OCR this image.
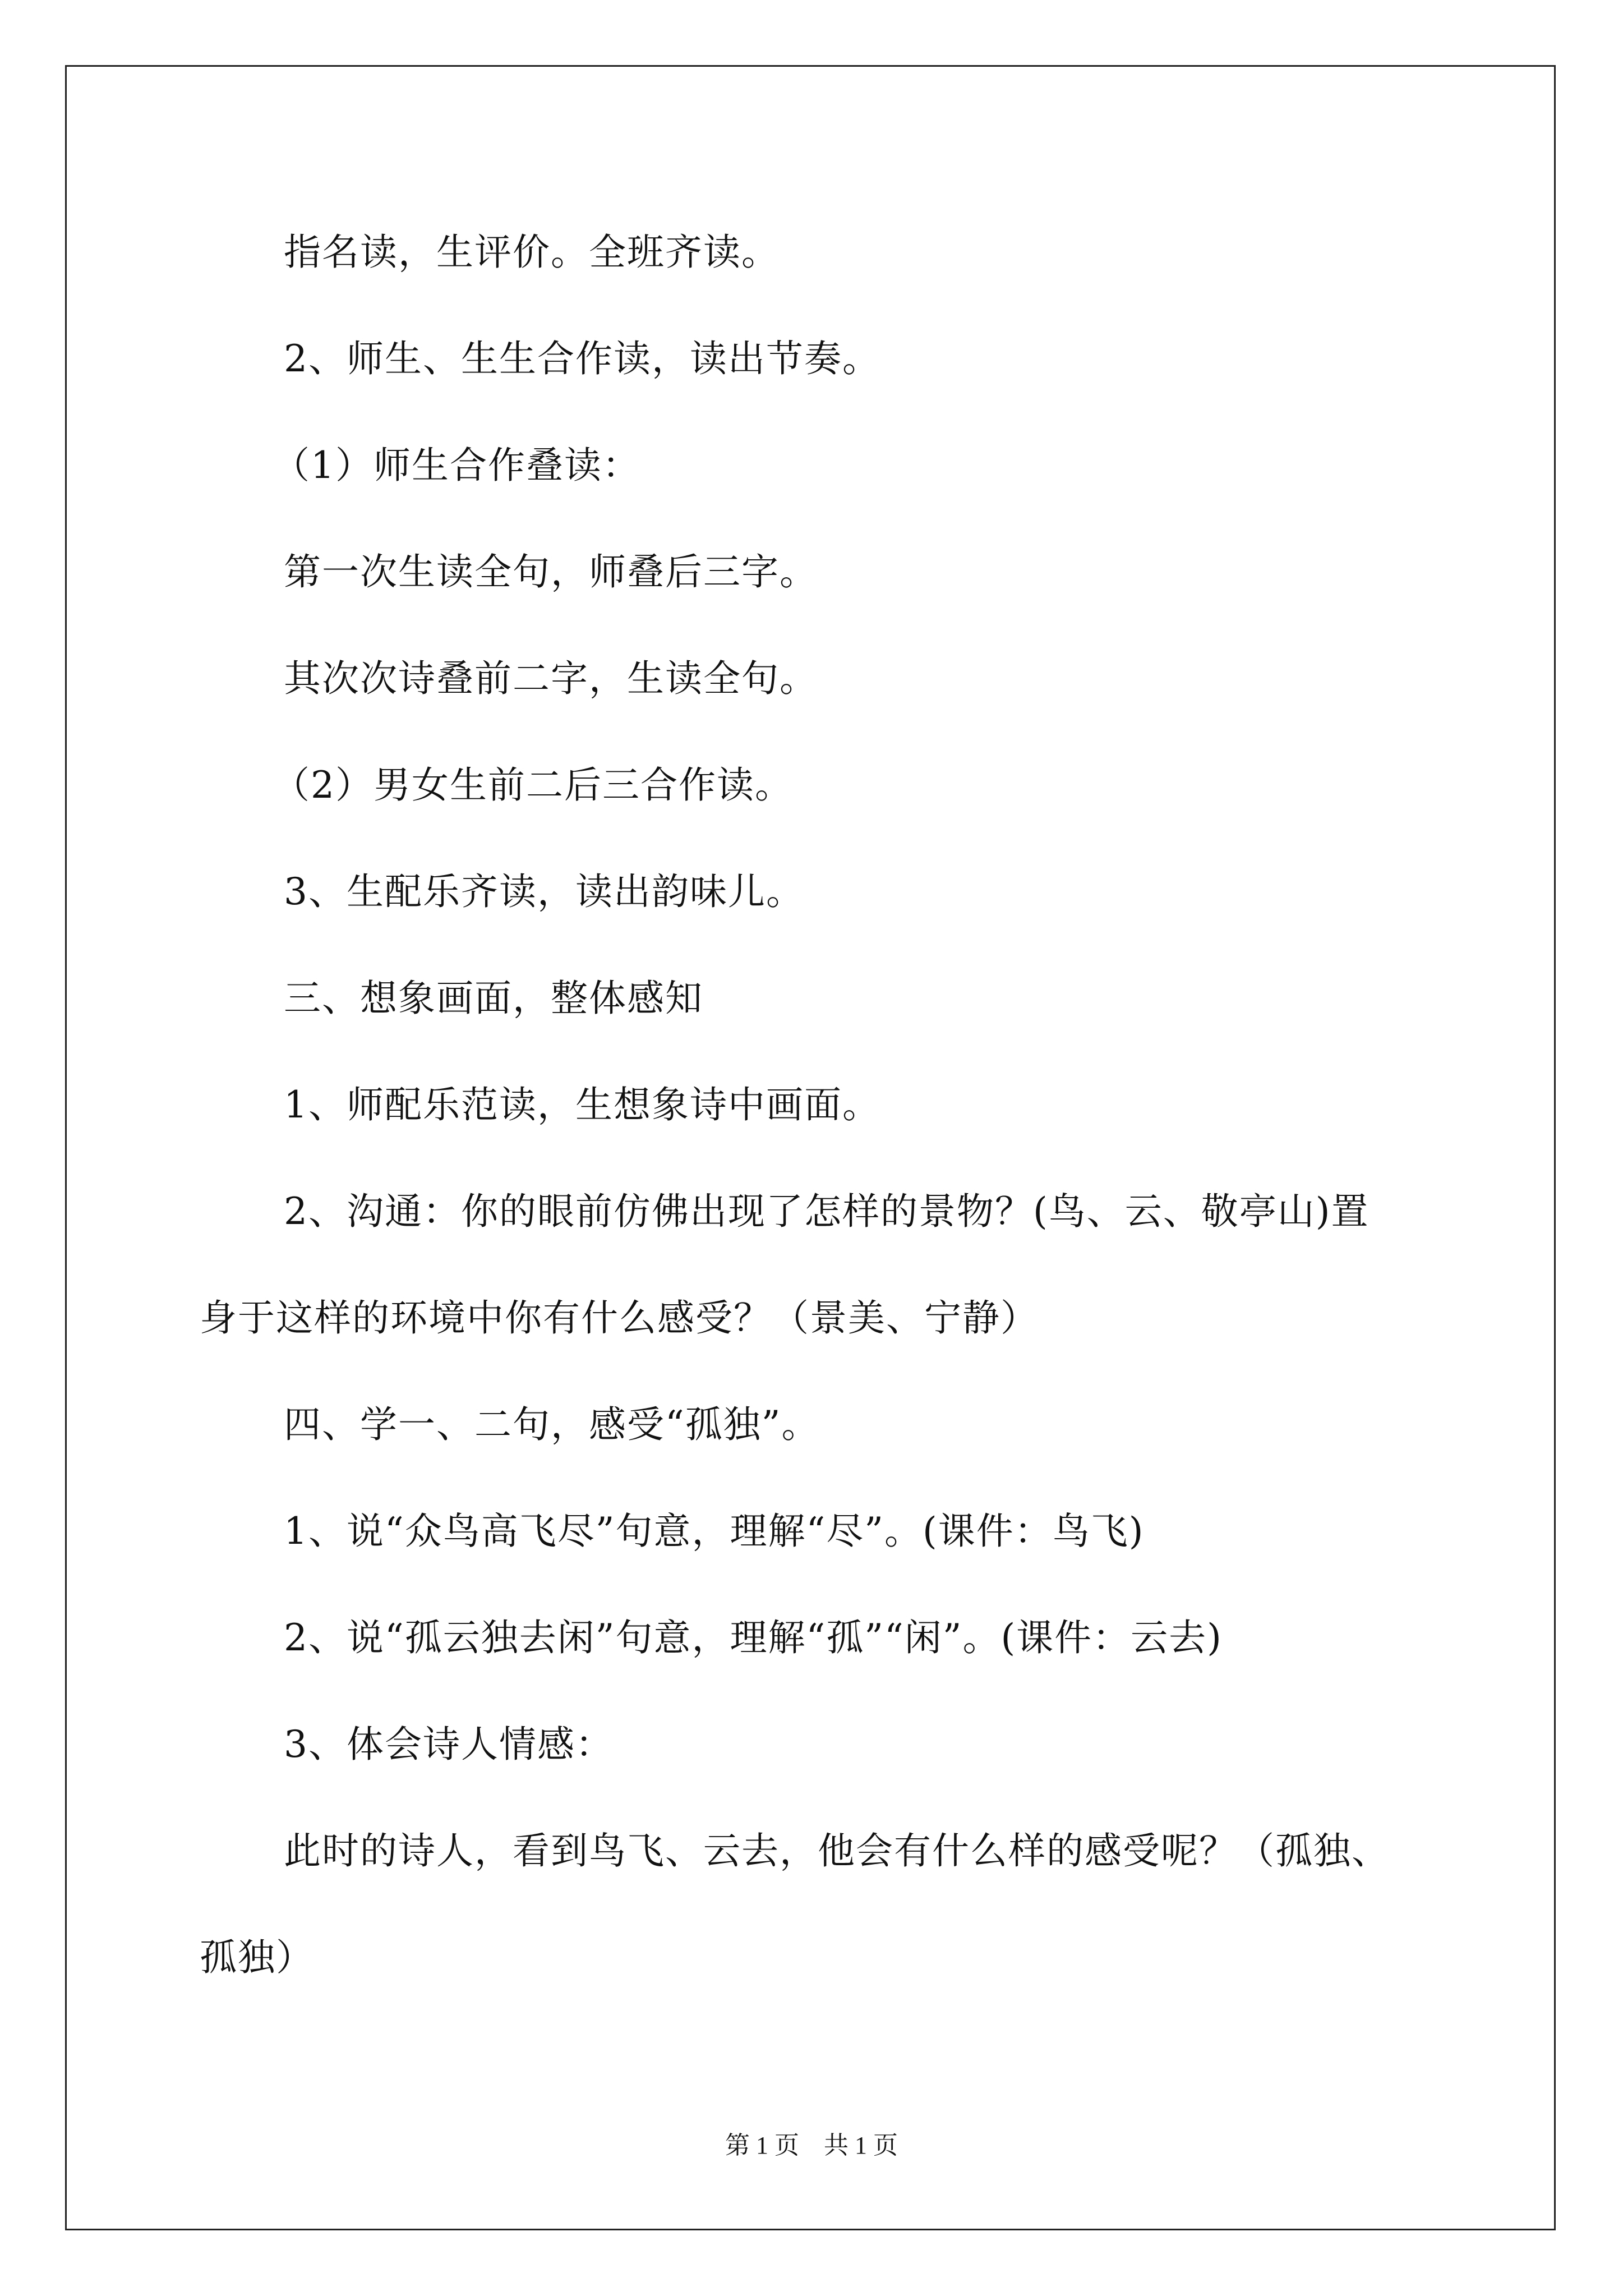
指名读，生评价。全班齐读。
2、师生、生生合作读，读出节奏。
（1）师生合作叠读：
第一次生读全句，师叠后三字。
其次次诗叠前二字，生读全句。
（2）男女生前二后三合作读。
3、生配乐齐读，读出韵味儿。
三、想象画面，整体感知
1、师配乐范读，生想象诗中画面。
2、沟通：你的眼前仿佛出现了怎样的景物？(鸟、云、敬亭山)置
身于这样的环境中你有什么感受？（景美、宁静）
四、学一、二句，感受“孤独”。
1、说“众鸟高飞尽”句意，理解“尽”。(课件：鸟飞)
2、说“孤云独去闲”句意，理解“孤”“闲”。(课件：云去)
3、体会诗人情感：
此时的诗人，看到鸟飞、云去，他会有什么样的感受呢？（孤独、
孤独）
第 1 页　共 1 页
